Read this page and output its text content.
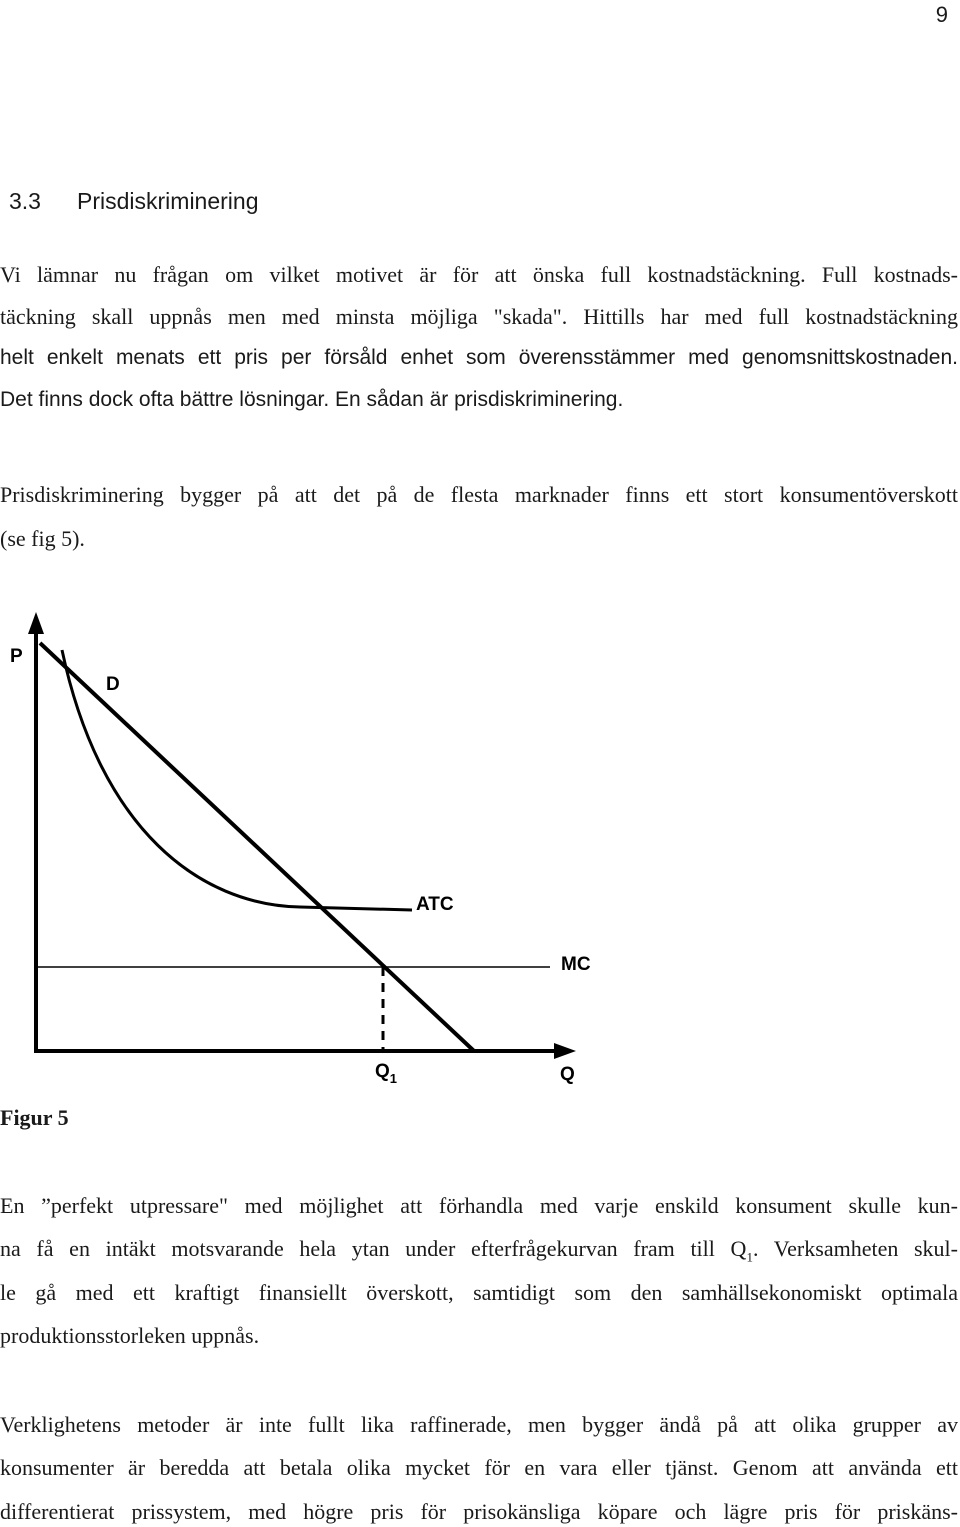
9
3.3 Prisdiskriminering
Vi lämnar nu frågan om vilket motivet är för att önska full kostnadstäckning. Full kostnads-
täckning skall uppnås men med minsta möjliga "skada". Hittills har med full kostnadstäckning
helt enkelt menats ett pris per försåld enhet som överensstämmer med genomsnittskostnaden.
Det finns dock ofta bättre lösningar. En sådan är prisdiskriminering.
Prisdiskriminering bygger på att det på de flesta marknader finns ett stort konsumentöverskott
(se fig 5).
P
D
ATC
MC
$Q_1$	Q
Figur 5
En ”perfekt utpressare" med möjlighet att förhandla med varje enskild konsument skulle kun-
na få en intäkt motsvarande hela ytan under efterfrågekurvan fram till $Q_1$. Verksamheten skul-
le gå med ett kraftigt finansiellt överskott, samtidigt som den samhällsekonomiskt optimala
produktionsstorleken uppnås.
Verklighetens metoder är inte fullt lika raffinerade, men bygger ändå på att olika grupper av
konsumenter är beredda att betala olika mycket för en vara eller tjänst. Genom att använda ett
differentierat prissystem, med högre pris för prisokänsliga köpare och lägre pris för priskäns-
